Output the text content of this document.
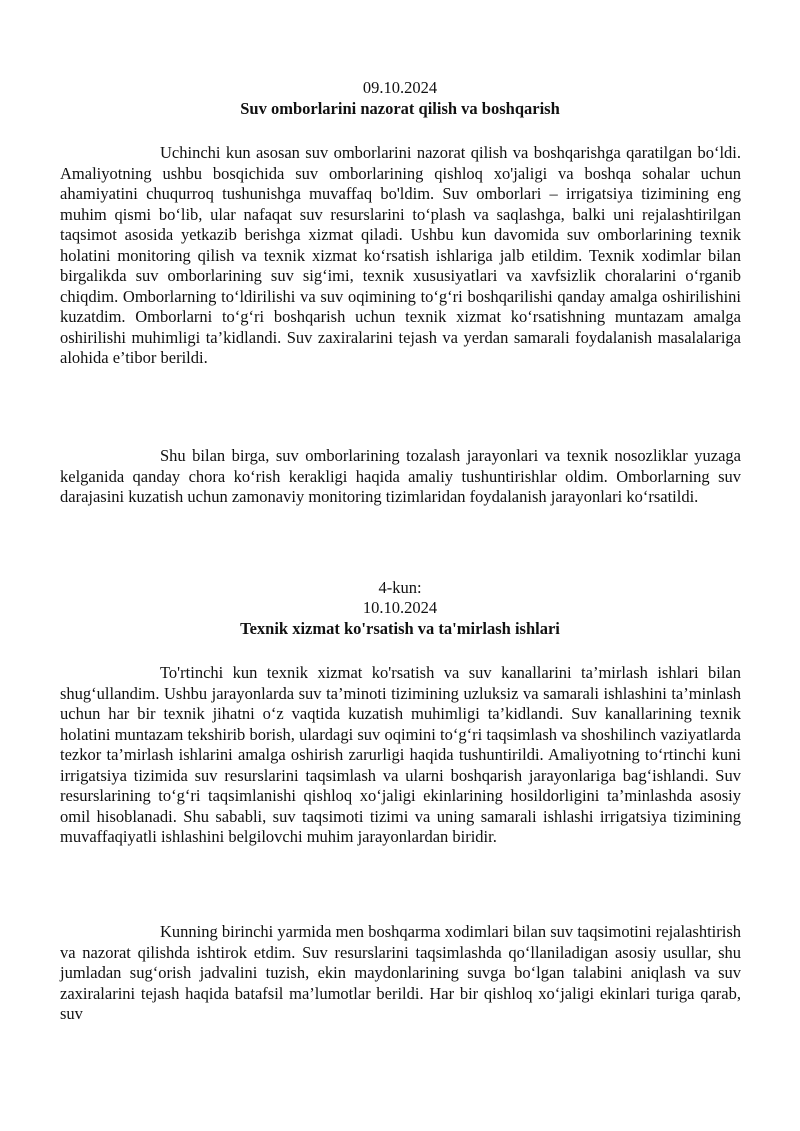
09.10.2024
Suv omborlarini nazorat qilish va boshqarish

Uchinchi kun asosan suv omborlarini nazorat qilish va boshqarishga qaratilgan bo‘ldi. Amaliyotning ushbu bosqichida suv omborlarining qishloq xo'jaligi va boshqa sohalar uchun ahamiyatini chuqurroq tushunishga muvaffaq bo'ldim. Suv omborlari – irrigatsiya tizimining eng muhim qismi bo‘lib, ular nafaqat suv resurslarini to‘plash va saqlashga, balki uni rejalashtirilgan taqsimot asosida yetkazib berishga xizmat qiladi. Ushbu kun davomida suv omborlarining texnik holatini monitoring qilish va texnik xizmat ko‘rsatish ishlariga jalb etildim. Texnik xodimlar bilan birgalikda suv omborlarining suv sig‘imi, texnik xususiyatlari va xavfsizlik choralarini o‘rganib chiqdim. Omborlarning to‘ldirilishi va suv oqimining to‘g‘ri boshqarilishi qanday amalga oshirilishini kuzatdim. Omborlarni to‘g‘ri boshqarish uchun texnik xizmat ko‘rsatishning muntazam amalga oshirilishi muhimligi ta’kidlandi. Suv zaxiralarini tejash va yerdan samarali foydalanish masalalariga alohida e’tibor berildi.

Shu bilan birga, suv omborlarining tozalash jarayonlari va texnik nosozliklar yuzaga kelganida qanday chora ko‘rish kerakligi haqida amaliy tushuntirishlar oldim. Omborlarning suv darajasini kuzatish uchun zamonaviy monitoring tizimlaridan foydalanish jarayonlari ko‘rsatildi.

4-kun:
10.10.2024
Texnik xizmat ko'rsatish va ta'mirlash ishlari

To'rtinchi kun texnik xizmat ko'rsatish va suv kanallarini ta’mirlash ishlari bilan shug‘ullandim. Ushbu jarayonlarda suv ta’minoti tizimining uzluksiz va samarali ishlashini ta’minlash uchun har bir texnik jihatni o‘z vaqtida kuzatish muhimligi ta’kidlandi. Suv kanallarining texnik holatini muntazam tekshirib borish, ulardagi suv oqimini to‘g‘ri taqsimlash va shoshilinch vaziyatlarda tezkor ta’mirlash ishlarini amalga oshirish zarurligi haqida tushuntirildi. Amaliyotning to‘rtinchi kuni irrigatsiya tizimida suv resurslarini taqsimlash va ularni boshqarish jarayonlariga bag‘ishlandi. Suv resurslarining to‘g‘ri taqsimlanishi qishloq xo‘jaligi ekinlarining hosildorligini ta’minlashda asosiy omil hisoblanadi. Shu sababli, suv taqsimoti tizimi va uning samarali ishlashi irrigatsiya tizimining muvaffaqiyatli ishlashini belgilovchi muhim jarayonlardan biridir.

Kunning birinchi yarmida men boshqarma xodimlari bilan suv taqsimotini rejalashtirish va nazorat qilishda ishtirok etdim. Suv resurslarini taqsimlashda qo‘llaniladigan asosiy usullar, shu jumladan sug‘orish jadvalini tuzish, ekin maydonlarining suvga bo‘lgan talabini aniqlash va suv zaxiralarini tejash haqida batafsil ma’lumotlar berildi. Har bir qishloq xo‘jaligi ekinlari turiga qarab, suv
